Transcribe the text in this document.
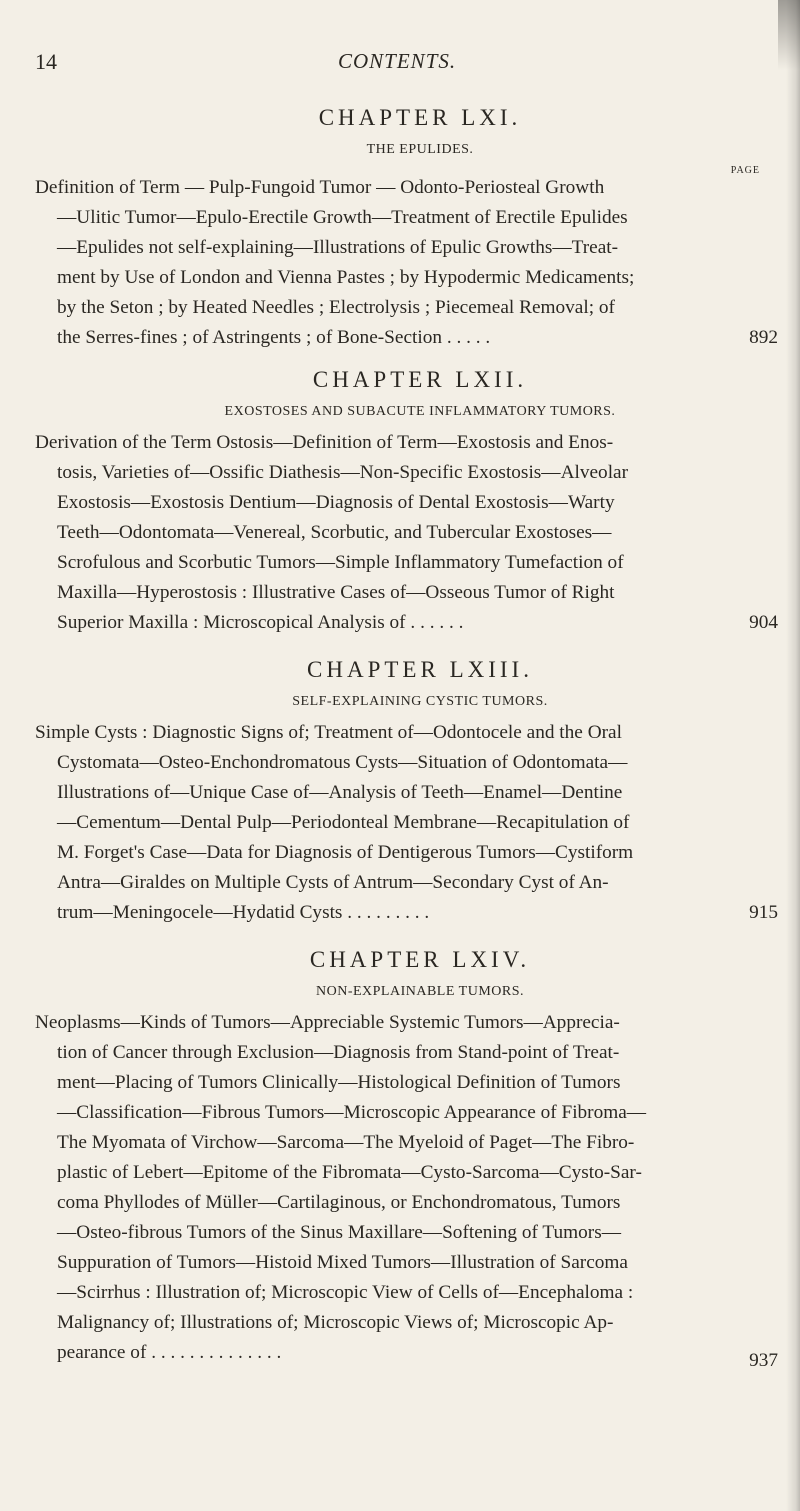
14	CONTENTS.
CHAPTER LXI.
THE EPULIDES.
PAGE
Definition of Term — Pulp-Fungoid Tumor — Odonto-Periosteal Growth
—Ulitic Tumor—Epulo-Erectile Growth—Treatment of Erectile Epulides
—Epulides not self-explaining—Illustrations of Epulic Growths—Treat-
ment by Use of London and Vienna Pastes ; by Hypodermic Medicaments;
by the Seton ; by Heated Needles ; Electrolysis ; Piecemeal Removal; of
the Serres-fines ; of Astringents ; of Bone-Section . . . . .	892
CHAPTER LXII.
EXOSTOSES AND SUBACUTE INFLAMMATORY TUMORS.
Derivation of the Term Ostosis—Definition of Term—Exostosis and Enos-
tosis, Varieties of—Ossific Diathesis—Non-Specific Exostosis—Alveolar
Exostosis—Exostosis Dentium—Diagnosis of Dental Exostosis—Warty
Teeth—Odontomata—Venereal, Scorbutic, and Tubercular Exostoses—
Scrofulous and Scorbutic Tumors—Simple Inflammatory Tumefaction of
Maxilla—Hyperostosis : Illustrative Cases of—Osseous Tumor of Right
Superior Maxilla : Microscopical Analysis of . . . . . .	904
CHAPTER LXIII.
SELF-EXPLAINING CYSTIC TUMORS.
Simple Cysts : Diagnostic Signs of; Treatment of—Odontocele and the Oral
Cystomata—Osteo-Enchondromatous Cysts—Situation of Odontomata—
Illustrations of—Unique Case of—Analysis of Teeth—Enamel—Dentine
—Cementum—Dental Pulp—Periodonteal Membrane—Recapitulation of
M. Forget's Case—Data for Diagnosis of Dentigerous Tumors—Cystiform
Antra—Giraldes on Multiple Cysts of Antrum—Secondary Cyst of An-
trum—Meningocele—Hydatid Cysts . . . . . . . . .	915
CHAPTER LXIV.
NON-EXPLAINABLE TUMORS.
Neoplasms—Kinds of Tumors—Appreciable Systemic Tumors—Apprecia-
tion of Cancer through Exclusion—Diagnosis from Stand-point of Treat-
ment—Placing of Tumors Clinically—Histological Definition of Tumors
—Classification—Fibrous Tumors—Microscopic Appearance of Fibroma—
The Myomata of Virchow—Sarcoma—The Myeloid of Paget—The Fibro-
plastic of Lebert—Epitome of the Fibromata—Cysto-Sarcoma—Cysto-Sar-
coma Phyllodes of Müller—Cartilaginous, or Enchondromatous, Tumors
—Osteo-fibrous Tumors of the Sinus Maxillare—Softening of Tumors—
Suppuration of Tumors—Histoid Mixed Tumors—Illustration of Sarcoma
—Scirrhus : Illustration of; Microscopic View of Cells of—Encephaloma :
Malignancy of; Illustrations of; Microscopic Views of; Microscopic Ap-
pearance of . . . . . . . . . . . . . .	937
